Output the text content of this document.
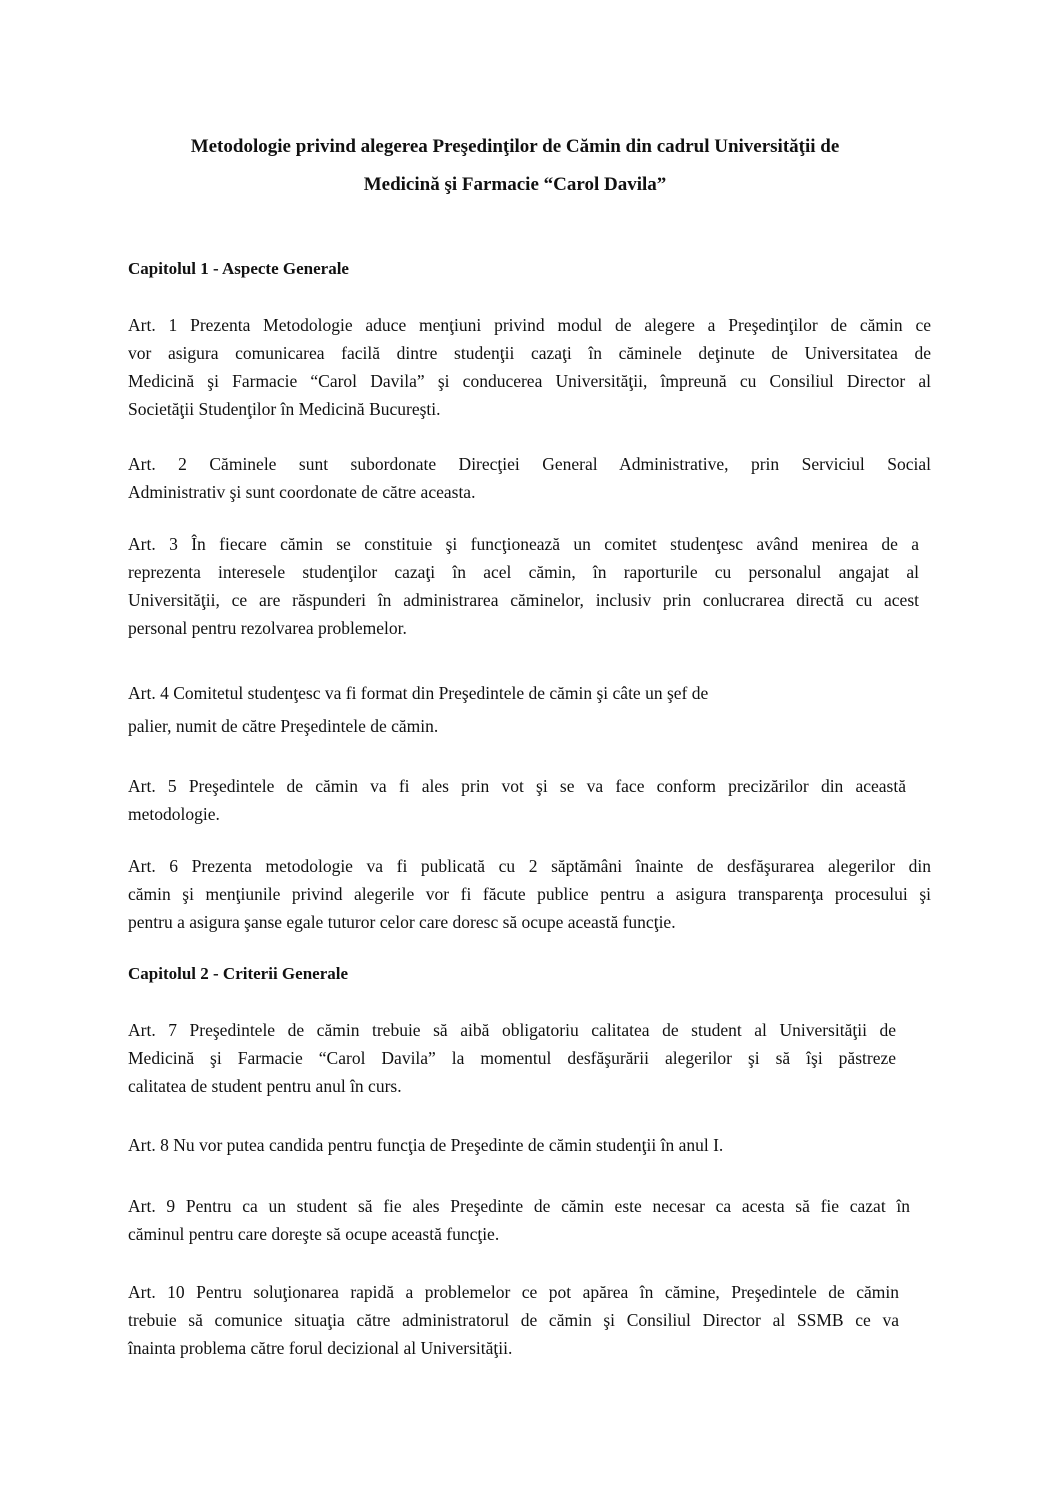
Metodologie privind alegerea Preşedinţilor de Cămin din cadrul Universităţii de
Medicină şi Farmacie “Carol Davila”
Capitolul 1 - Aspecte Generale
Art. 1 Prezenta Metodologie aduce menţiuni privind modul de alegere a Preşedinţilor de cămin ce
vor asigura comunicarea facilă dintre studenţii cazaţi în căminele deţinute de Universitatea de
Medicină şi Farmacie “Carol Davila” şi conducerea Universităţii, împreună cu Consiliul Director al
Societăţii Studenţilor în Medicină Bucureşti.
Art. 2 Căminele sunt subordonate Direcţiei General Administrative, prin Serviciul Social
Administrativ şi sunt coordonate de către aceasta.
Art. 3 În fiecare cămin se constituie şi funcţionează un comitet studenţesc având menirea de a
reprezenta interesele studenţilor cazaţi în acel cămin, în raporturile cu personalul angajat al
Universităţii, ce are răspunderi în administrarea căminelor, inclusiv prin conlucrarea directă cu acest
personal pentru rezolvarea problemelor.
Art. 4 Comitetul studenţesc va fi format din Preşedintele de cămin şi câte un şef de
palier, numit de către Preşedintele de cămin.
Art. 5 Preşedintele de cămin va fi ales prin vot şi se va face conform precizărilor din această
metodologie.
Art. 6 Prezenta metodologie va fi publicată cu 2 săptămâni înainte de desfăşurarea alegerilor din
cămin şi menţiunile privind alegerile vor fi făcute publice pentru a asigura transparenţa procesului şi
pentru a asigura şanse egale tuturor celor care doresc să ocupe această funcţie.
Capitolul 2 - Criterii Generale
Art. 7 Preşedintele de cămin trebuie să aibă obligatoriu calitatea de student al Universităţii de
Medicină şi Farmacie “Carol Davila” la momentul desfăşurării alegerilor şi să îşi păstreze
calitatea de student pentru anul în curs.
Art. 8 Nu vor putea candida pentru funcţia de Preşedinte de cămin studenţii în anul I.
Art. 9 Pentru ca un student să fie ales Preşedinte de cămin este necesar ca acesta să fie cazat în
căminul pentru care doreşte să ocupe această funcţie.
Art. 10 Pentru soluţionarea rapidă a problemelor ce pot apărea în cămine, Preşedintele de cămin
trebuie să comunice situaţia către administratorul de cămin şi Consiliul Director al SSMB ce va
înainta problema către forul decizional al Universităţii.
